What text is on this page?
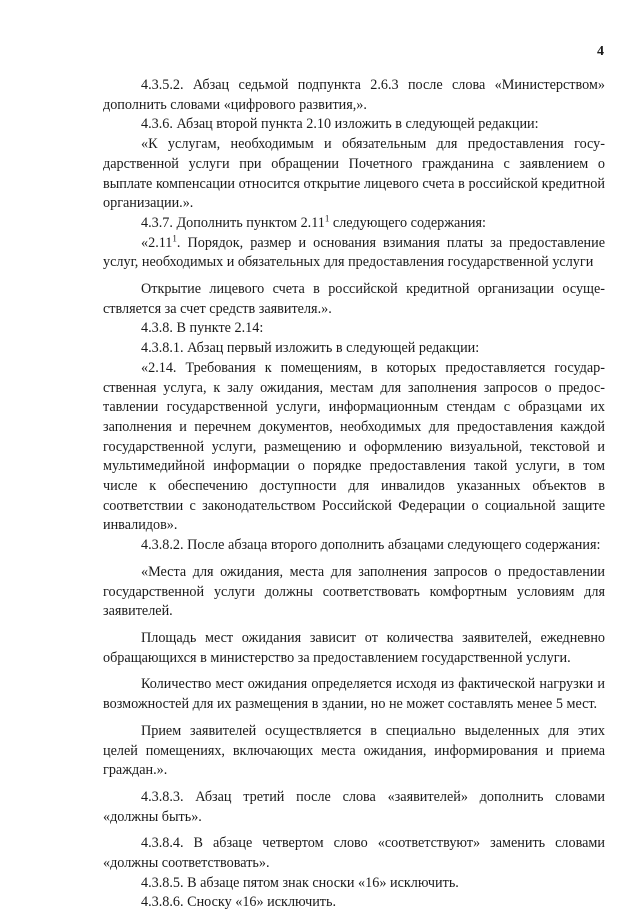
4

4.3.5.2. Абзац седьмой подпункта 2.6.3 после слова «Министерством» дополнить словами «цифрового развития,».

4.3.6. Абзац второй пункта 2.10 изложить в следующей редакции:

«К услугам, необходимым и обязательным для предоставления государственной услуги при обращении Почетного гражданина с заявлением о выплате компенсации относится открытие лицевого счета в российской кредитной организации.».

4.3.7. Дополнить пунктом 2.11$^1$ следующего содержания:

«2.11$^1$. Порядок, размер и основания взимания платы за предоставление услуг, необходимых и обязательных для предоставления государственной услуги

Открытие лицевого счета в российской кредитной организации осуществляется за счет средств заявителя.».

4.3.8. В пункте 2.14:

4.3.8.1. Абзац первый изложить в следующей редакции:

«2.14. Требования к помещениям, в которых предоставляется государственная услуга, к залу ожидания, местам для заполнения запросов о предоставлении государственной услуги, информационным стендам с образцами их заполнения и перечнем документов, необходимых для предоставления каждой государственной услуги, размещению и оформлению визуальной, текстовой и мультимедийной информации о порядке предоставления такой услуги, в том числе к обеспечению доступности для инвалидов указанных объектов в соответствии с законодательством Российской Федерации о социальной защите инвалидов».

4.3.8.2. После абзаца второго дополнить абзацами следующего содержания:

«Места для ожидания, места для заполнения запросов о предоставлении государственной услуги должны соответствовать комфортным условиям для заявителей.

Площадь мест ожидания зависит от количества заявителей, ежедневно обращающихся в министерство за предоставлением государственной услуги.

Количество мест ожидания определяется исходя из фактической нагрузки и возможностей для их размещения в здании, но не может составлять менее 5 мест.

Прием заявителей осуществляется в специально выделенных для этих целей помещениях, включающих места ожидания, информирования и приема граждан.».

4.3.8.3. Абзац третий после слова «заявителей» дополнить словами «должны быть».

4.3.8.4. В абзаце четвертом слово «соответствуют» заменить словами «должны соответствовать».

4.3.8.5. В абзаце пятом знак сноски «16» исключить.

4.3.8.6. Сноску «16» исключить.
